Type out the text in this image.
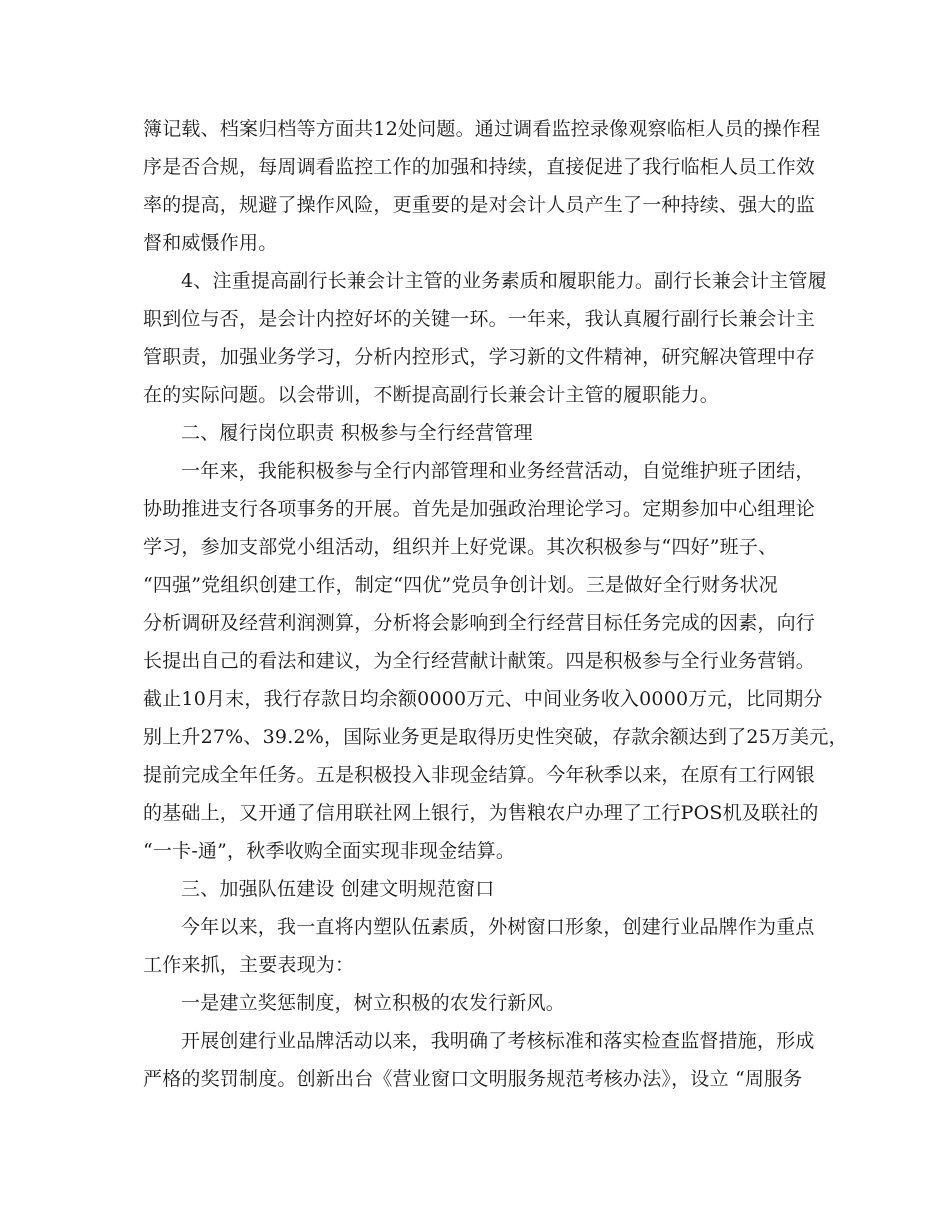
簿记载、档案归档等方面共12处问题。通过调看监控录像观察临柜人员的操作程
序是否合规，每周调看监控工作的加强和持续，直接促进了我行临柜人员工作效
率的提高，规避了操作风险，更重要的是对会计人员产生了一种持续、强大的监
督和威慑作用。
4、注重提高副行长兼会计主管的业务素质和履职能力。副行长兼会计主管履
职到位与否，是会计内控好坏的关键一环。一年来，我认真履行副行长兼会计主
管职责，加强业务学习，分析内控形式，学习新的文件精神，研究解决管理中存
在的实际问题。以会带训，不断提高副行长兼会计主管的履职能力。
二、履行岗位职责 积极参与全行经营管理
一年来，我能积极参与全行内部管理和业务经营活动，自觉维护班子团结，
协助推进支行各项事务的开展。首先是加强政治理论学习。定期参加中心组理论
学习，参加支部党小组活动，组织并上好党课。其次积极参与“四好”班子、
“四强”党组织创建工作，制定“四优”党员争创计划。三是做好全行财务状况
分析调研及经营利润测算，分析将会影响到全行经营目标任务完成的因素，向行
长提出自己的看法和建议，为全行经营献计献策。四是积极参与全行业务营销。
截止10月末，我行存款日均余额0000万元、中间业务收入0000万元，比同期分
别上升27%、39.2%，国际业务更是取得历史性突破，存款余额达到了25万美元，
提前完成全年任务。五是积极投入非现金结算。今年秋季以来，在原有工行网银
的基础上，又开通了信用联社网上银行，为售粮农户办理了工行POS机及联社的
“一卡-通”，秋季收购全面实现非现金结算。
三、加强队伍建设 创建文明规范窗口
今年以来，我一直将内塑队伍素质，外树窗口形象，创建行业品牌作为重点
工作来抓，主要表现为：
一是建立奖惩制度，树立积极的农发行新风。
开展创建行业品牌活动以来，我明确了考核标准和落实检查监督措施，形成
严格的奖罚制度。创新出台《营业窗口文明服务规范考核办法》，设立 “周服务
